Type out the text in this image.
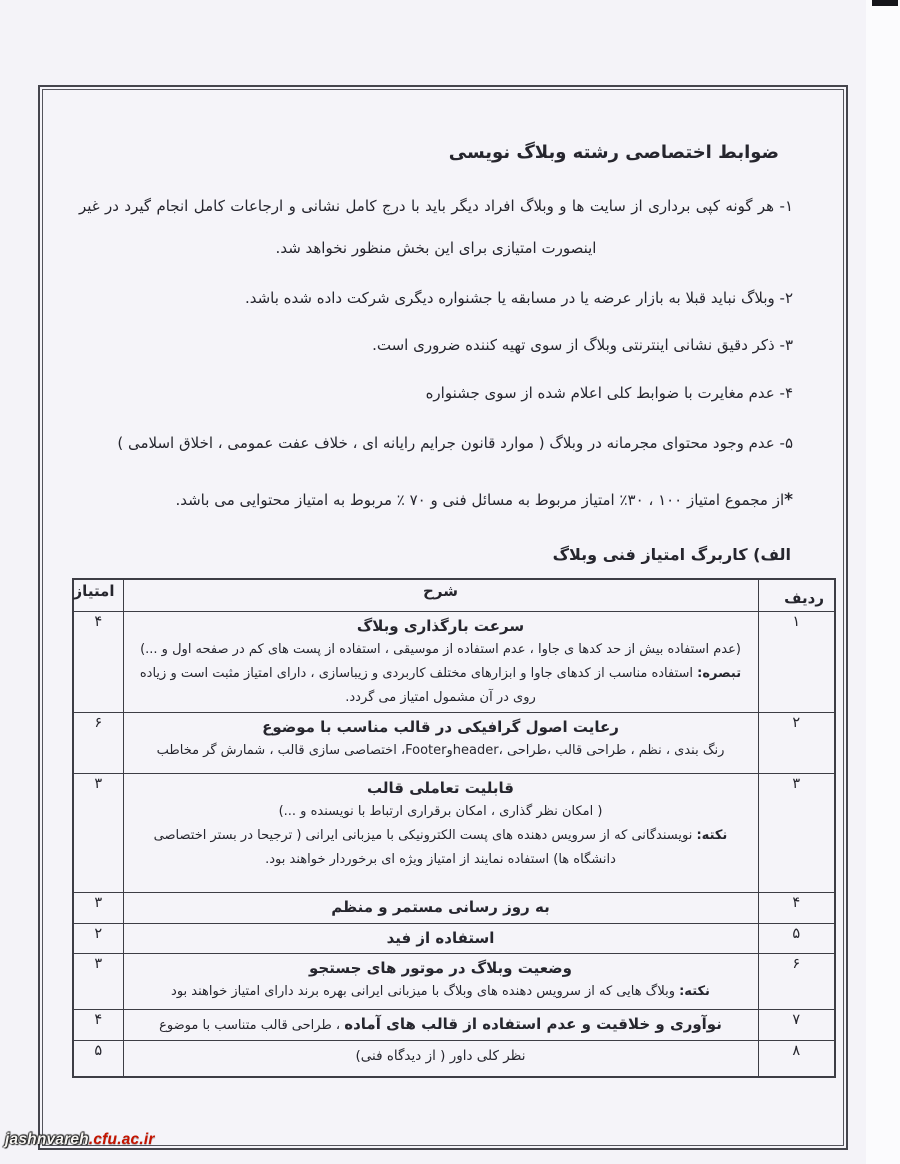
ضوابط اختصاصی رشته وبلاگ نویسی

۱- هر گونه کپی برداری از سایت ها و وبلاگ افراد دیگر باید با درج کامل نشانی و ارجاعات کامل انجام گیرد در غیر اینصورت امتیازی برای این بخش منظور نخواهد شد.

۲- وبلاگ نباید قبلا به بازار عرضه یا در مسابقه یا جشنواره دیگری شرکت داده شده باشد.

۳- ذکر دقیق نشانی اینترنتی وبلاگ از سوی تهیه کننده ضروری است.

۴- عدم مغایرت با ضوابط کلی اعلام شده از سوی جشنواره

۵- عدم وجود محتوای مجرمانه در وبلاگ ( موارد قانون جرایم رایانه ای ، خلاف عفت عمومی ، اخلاق اسلامی )

*از مجموع امتیاز ۱۰۰ ، ۳۰٪ امتیاز مربوط به مسائل فنی و ۷۰ ٪ مربوط به امتیاز محتوایی می باشد.

الف) کاربرگ امتیاز فنی وبلاگ
ردیف	شرح	امتیاز
۱	سرعت بارگذاری وبلاگ
(عدم استفاده بیش از حد کدها ی جاوا ، عدم استفاده از موسیقی ، استفاده از پست های کم در صفحه اول و ...)
تبصره: استفاده مناسب از کدهای جاوا و ابزارهای مختلف کاربردی و زیباسازی ، دارای امتیاز مثبت است و زیاده روی در آن مشمول امتیاز می گردد.	۴
۲	رعایت اصول گرافیکی در قالب مناسب با موضوع
رنگ بندی ، نظم ، طراحی قالب ،طراحی ،headerوFooter، اختصاصی سازی قالب ، شمارش گر مخاطب	۶
۳	قابلیت تعاملی قالب
( امکان نظر گذاری ، امکان برقراری ارتباط با نویسنده و ...)
نکته: نویسندگانی که از سرویس دهنده های پست الکترونیکی با میزبانی ایرانی ( ترجیحا در بستر اختصاصی دانشگاه ها) استفاده نمایند از امتیاز ویژه ای برخوردار خواهند بود.	۳
۴	به روز رسانی مستمر و منظم	۳
۵	استفاده از فید	۲
۶	وضعیت وبلاگ در موتور های جستجو
نکته: وبلاگ هایی که از سرویس دهنده های وبلاگ با میزبانی ایرانی بهره برند دارای امتیاز خواهند بود	۳
۷	نوآوری و خلاقیت و عدم استفاده از قالب های آماده ، طراحی قالب متناسب با موضوع	۴
۸	نظر کلی داور ( از دیدگاه فنی)	۵
jashnvareh.cfu.ac.ir
